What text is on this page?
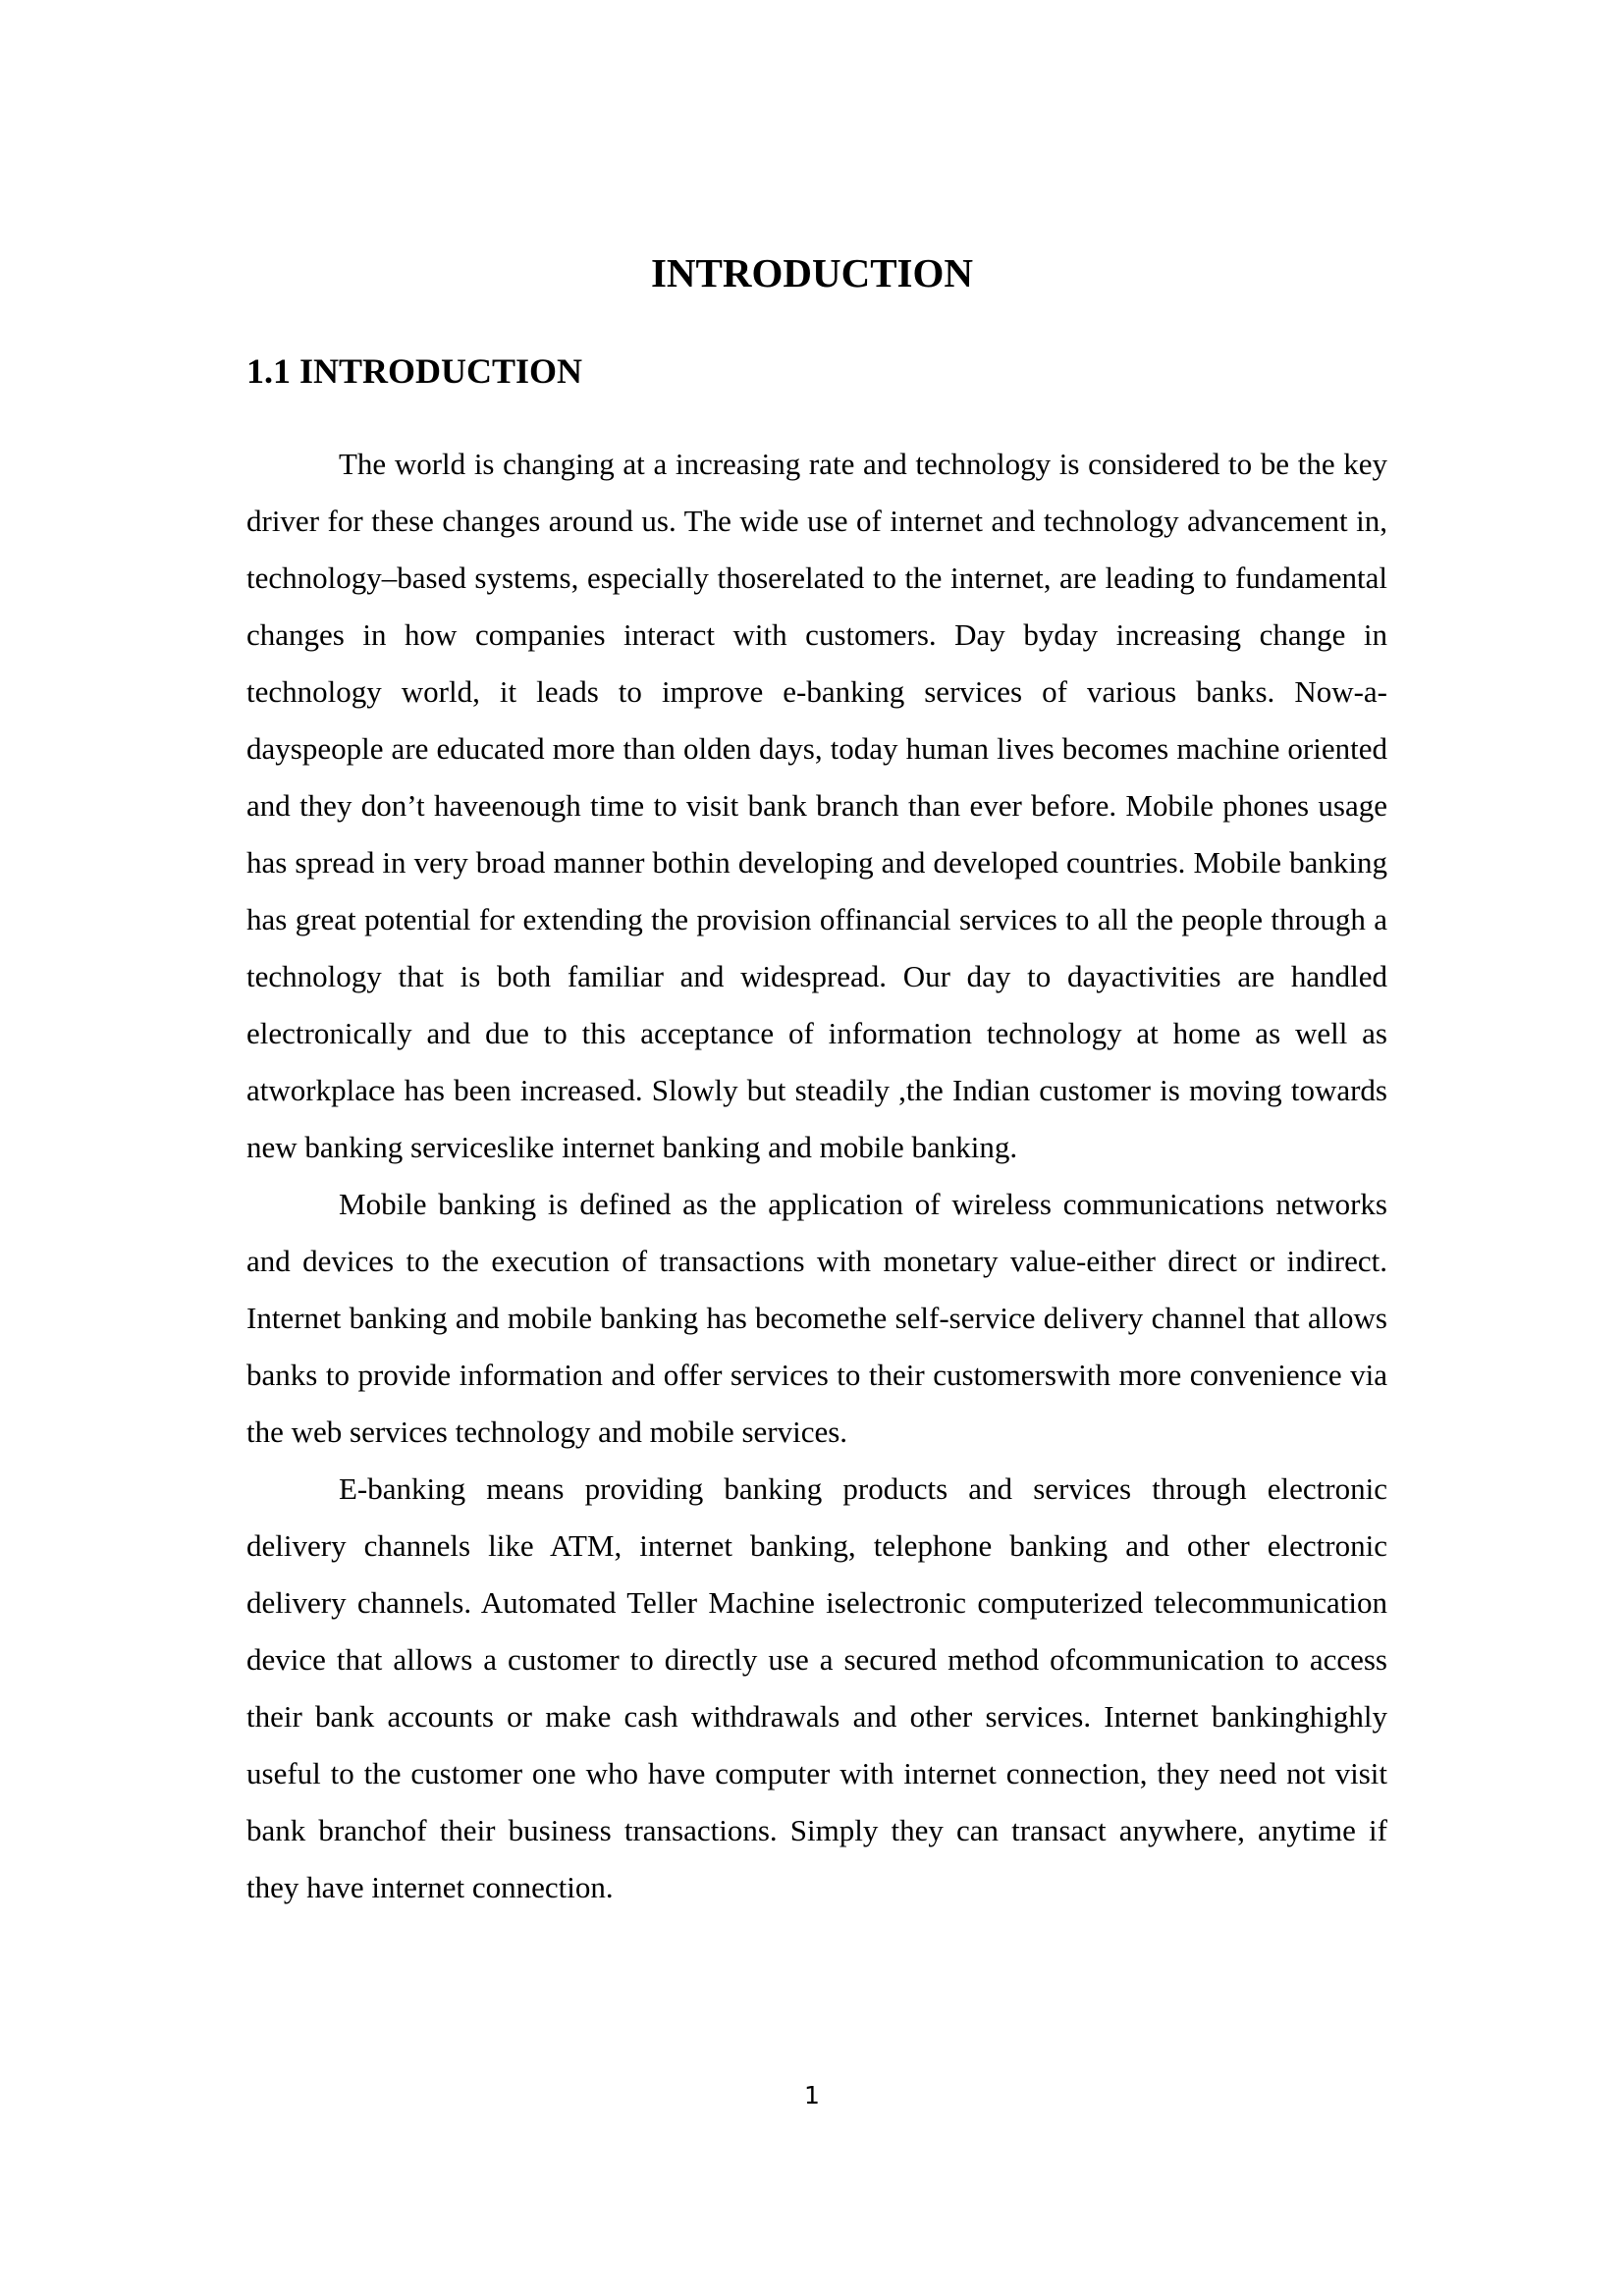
INTRODUCTION
1.1 INTRODUCTION

The world is changing at a increasing rate and technology is considered to be the key driver for these changes around us. The wide use of internet and technology advancement in, technology–based systems, especially thoserelated to the internet, are leading to fundamental changes in how companies interact with customers. Day byday increasing change in technology world, it leads to improve e-banking services of various banks. Now-a-dayspeople are educated more than olden days, today human lives becomes machine oriented and they don’t haveenough time to visit bank branch than ever before. Mobile phones usage has spread in very broad manner bothin developing and developed countries. Mobile banking has great potential for extending the provision offinancial services to all the people through a technology that is both familiar and widespread. Our day to dayactivities are handled electronically and due to this acceptance of information technology at home as well as atworkplace has been increased. Slowly but steadily ,the Indian customer is moving towards new banking serviceslike internet banking and mobile banking.

Mobile banking is defined as the application of wireless communications networks and devices to the execution of transactions with monetary value-either direct or indirect. Internet banking and mobile banking has becomethe self-service delivery channel that allows banks to provide information and offer services to their customerswith more convenience via the web services technology and mobile services.

E-banking means providing banking products and services through electronic delivery channels like ATM, internet banking, telephone banking and other electronic delivery channels. Automated Teller Machine iselectronic computerized telecommunication device that allows a customer to directly use a secured method ofcommunication to access their bank accounts or make cash withdrawals and other services. Internet bankinghighly useful to the customer one who have computer with internet connection, they need not visit bank branchof their business transactions. Simply they can transact anywhere, anytime if they have internet connection.

1
